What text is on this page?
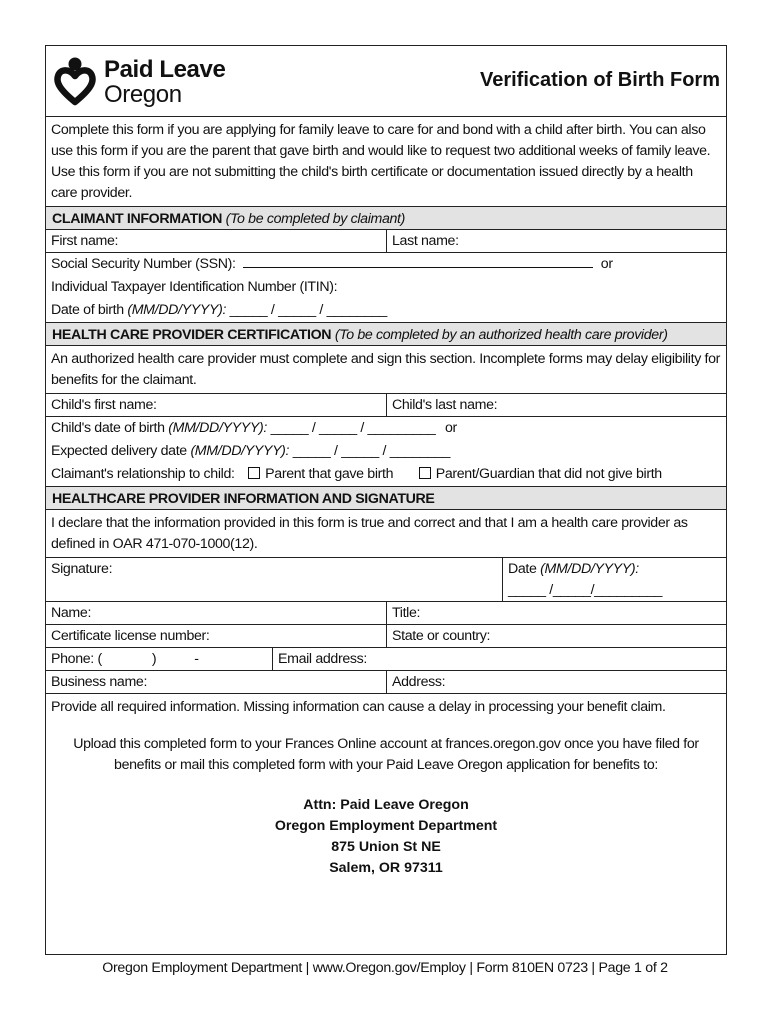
Paid Leave
Oregon
Verification of Birth Form
Complete this form if you are applying for family leave to care for and bond with a child after birth. You can also use this form if you are the parent that gave birth and would like to request two additional weeks of family leave. Use this form if you are not submitting the child's birth certificate or documentation issued directly by a health care provider.
CLAIMANT INFORMATION (To be completed by claimant)
First name:	Last name:
Social Security Number (SSN):	or
Individual Taxpayer Identification Number (ITIN):
Date of birth (MM/DD/YYYY): _____ / _____ / ________
HEALTH CARE PROVIDER CERTIFICATION (To be completed by an authorized health care provider)
An authorized health care provider must complete and sign this section. Incomplete forms may delay eligibility for benefits for the claimant.
Child's first name:	Child's last name:
Child's date of birth (MM/DD/YYYY): _____ / _____ / _________ or
Expected delivery date (MM/DD/YYYY): _____ / _____ / ________
Claimant's relationship to child: Parent that gave birth	Parent/Guardian that did not give birth
HEALTHCARE PROVIDER INFORMATION AND SIGNATURE
I declare that the information provided in this form is true and correct and that I am a health care provider as defined in OAR 471-070-1000(12).
Signature:	Date (MM/DD/YYYY):
_____ /_____/_________
Name:	Title:
Certificate license number:	State or country:
Phone: (	)	-	Email address:
Business name:	Address:
Provide all required information. Missing information can cause a delay in processing your benefit claim.
Upload this completed form to your Frances Online account at frances.oregon.gov once you have filed for benefits or mail this completed form with your Paid Leave Oregon application for benefits to:
Attn: Paid Leave Oregon
Oregon Employment Department
875 Union St NE
Salem, OR 97311
Oregon Employment Department | www.Oregon.gov/Employ | Form 810EN 0723 | Page 1 of 2
